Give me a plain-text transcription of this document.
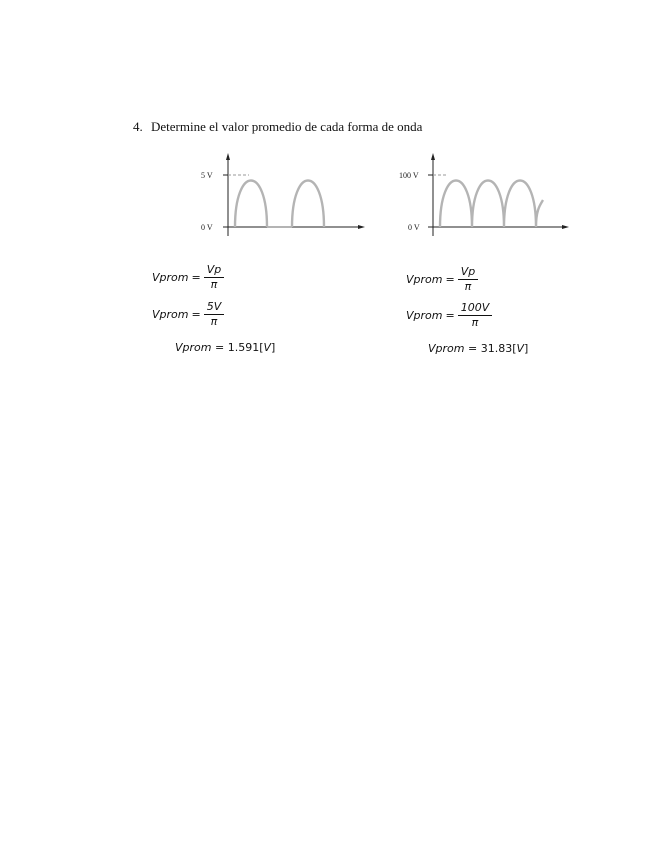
4. Determine el valor promedio de cada forma de onda
5 V
0 V
100 V
0 V
Vprom = $\frac{Vp}{\pi}$
Vprom = $\frac{5V}{\pi}$
Vprom = 1.591[V]
Vprom = $\frac{Vp}{\pi}$
Vprom = $\frac{100V}{\pi}$
Vprom = 31.83[V]
